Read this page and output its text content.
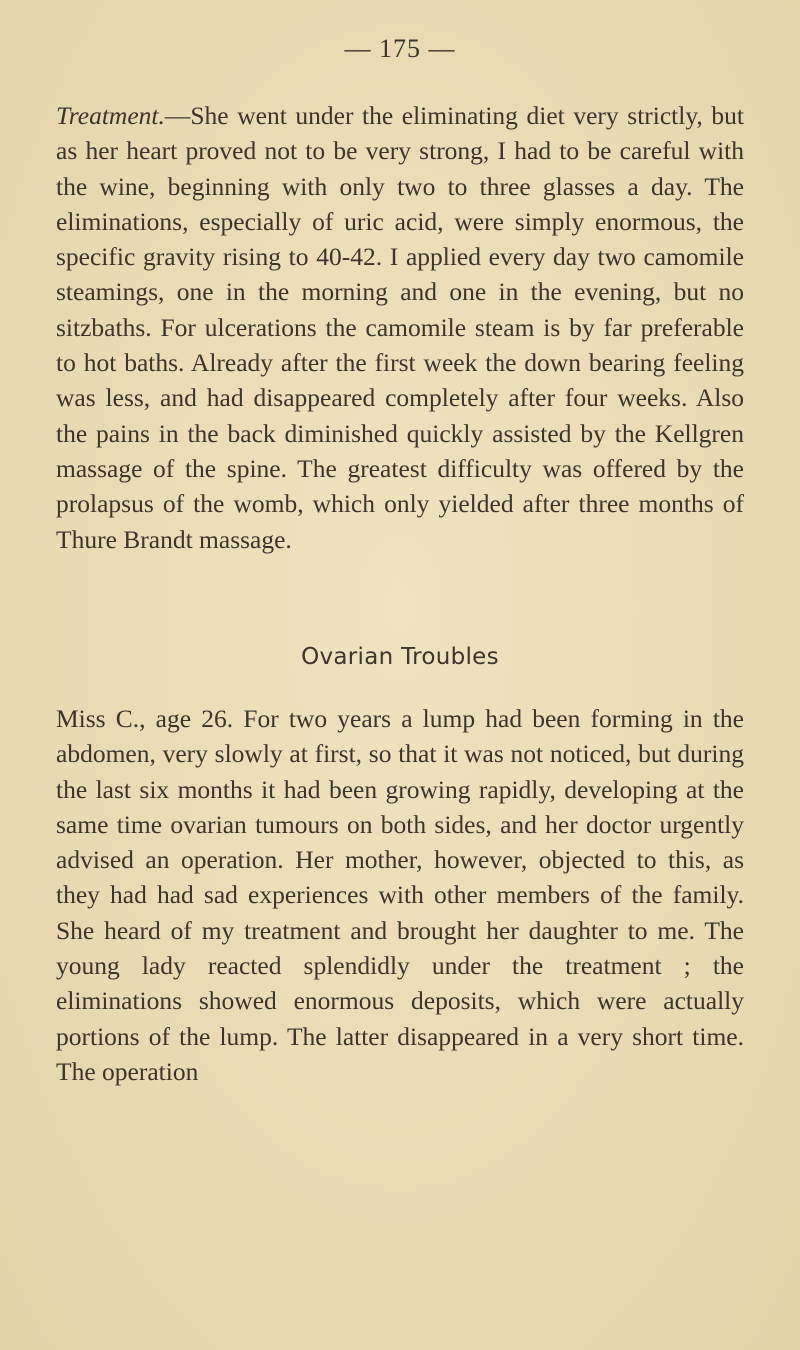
— 175 —

Treatment.—She went under the eliminating diet very strictly, but as her heart proved not to be very strong, I had to be careful with the wine, beginning with only two to three glasses a day. The eliminations, especially of uric acid, were simply enormous, the specific gravity rising to 40-42. I applied every day two camomile steamings, one in the morning and one in the evening, but no sitzbaths. For ulcerations the camomile steam is by far preferable to hot baths. Already after the first week the down bearing feeling was less, and had disappeared completely after four weeks. Also the pains in the back diminished quickly assisted by the Kellgren massage of the spine. The greatest difficulty was offered by the prolapsus of the womb, which only yielded after three months of Thure Brandt massage.

Ovarian Troubles

Miss C., age 26. For two years a lump had been forming in the abdomen, very slowly at first, so that it was not noticed, but during the last six months it had been growing rapidly, developing at the same time ovarian tumours on both sides, and her doctor urgently advised an operation. Her mother, however, objected to this, as they had had sad experiences with other members of the family. She heard of my treatment and brought her daughter to me. The young lady reacted splendidly under the treatment ; the eliminations showed enormous deposits, which were actually portions of the lump. The latter disappeared in a very short time. The operation
